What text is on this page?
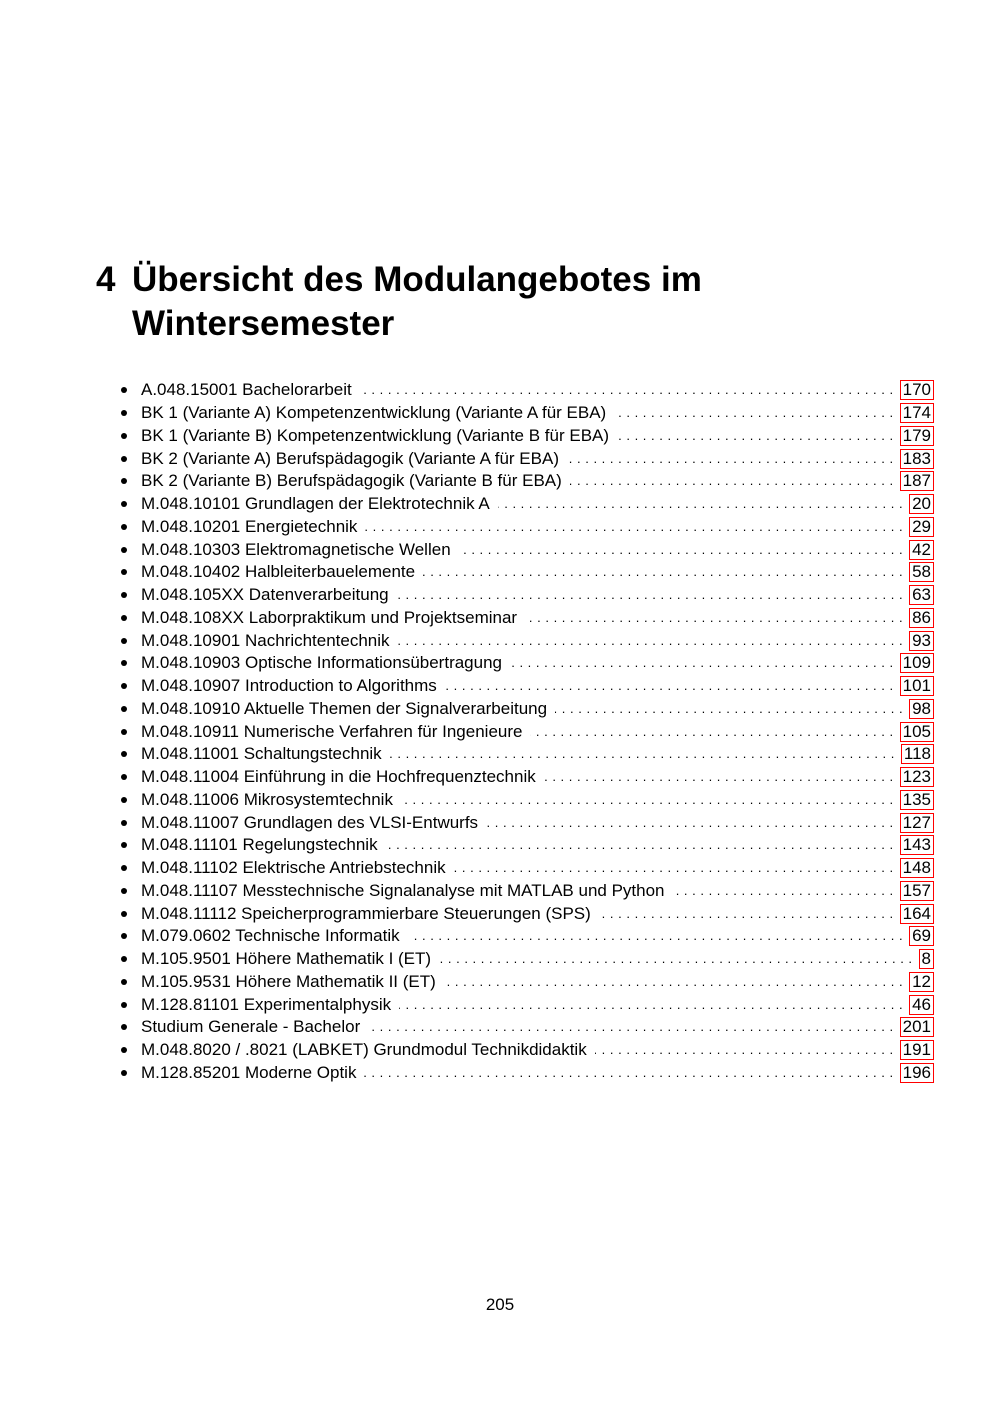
4 Übersicht des Modulangebotes im
Wintersemester
A.048.15001 Bachelorarbeit . . .	170
BK 1 (Variante A) Kompetenzentwicklung (Variante A für EBA) . . .	174
BK 1 (Variante B) Kompetenzentwicklung (Variante B für EBA) . . .	179
BK 2 (Variante A) Berufspädagogik (Variante A für EBA) . . .	183
BK 2 (Variante B) Berufspädagogik (Variante B für EBA) . . .	187
M.048.10101 Grundlagen der Elektrotechnik A . . .	20
M.048.10201 Energietechnik . . .	29
M.048.10303 Elektromagnetische Wellen . . .	42
M.048.10402 Halbleiterbauelemente . . .	58
M.048.105XX Datenverarbeitung . . .	63
M.048.108XX Laborpraktikum und Projektseminar . . .	86
M.048.10901 Nachrichtentechnik . . .	93
M.048.10903 Optische Informationsübertragung . . .	109
M.048.10907 Introduction to Algorithms . . .	101
M.048.10910 Aktuelle Themen der Signalverarbeitung . . .	98
M.048.10911 Numerische Verfahren für Ingenieure . . .	105
M.048.11001 Schaltungstechnik . . .	118
M.048.11004 Einführung in die Hochfrequenztechnik . . .	123
M.048.11006 Mikrosystemtechnik . . .	135
M.048.11007 Grundlagen des VLSI-Entwurfs . . .	127
M.048.11101 Regelungstechnik . . .	143
M.048.11102 Elektrische Antriebstechnik . . .	148
M.048.11107 Messtechnische Signalanalyse mit MATLAB und Python . . .	157
M.048.11112 Speicherprogrammierbare Steuerungen (SPS) . . .	164
M.079.0602 Technische Informatik . . .	69
M.105.9501 Höhere Mathematik I (ET) . . .	8
M.105.9531 Höhere Mathematik II (ET) . . .	12
M.128.81101 Experimentalphysik . . .	46
Studium Generale - Bachelor . . .	201
M.048.8020 / .8021 (LABKET) Grundmodul Technikdidaktik . . .	191
M.128.85201 Moderne Optik . . .	196
205
